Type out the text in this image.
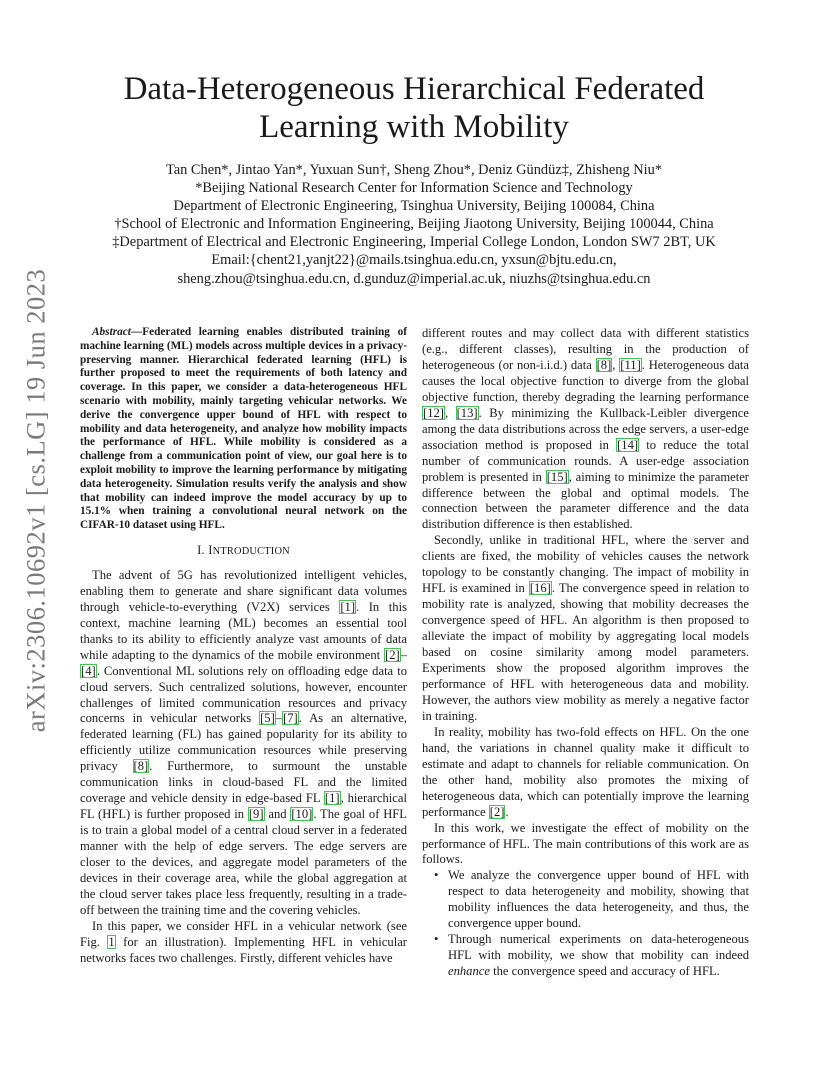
arXiv:2306.10692v1 [cs.LG] 19 Jun 2023
Data-Heterogeneous Hierarchical Federated Learning with Mobility
Tan Chen*, Jintao Yan*, Yuxuan Sun†, Sheng Zhou*, Deniz Gündüz‡, Zhisheng Niu*
*Beijing National Research Center for Information Science and Technology
Department of Electronic Engineering, Tsinghua University, Beijing 100084, China
†School of Electronic and Information Engineering, Beijing Jiaotong University, Beijing 100044, China
‡Department of Electrical and Electronic Engineering, Imperial College London, London SW7 2BT, UK
Email:{chent21,yanjt22}@mails.tsinghua.edu.cn, yxsun@bjtu.edu.cn,
sheng.zhou@tsinghua.edu.cn, d.gunduz@imperial.ac.uk, niuzhs@tsinghua.edu.cn

Abstract—Federated learning enables distributed training of machine learning (ML) models across multiple devices in a privacy-preserving manner. Hierarchical federated learning (HFL) is further proposed to meet the requirements of both latency and coverage. In this paper, we consider a data-heterogeneous HFL scenario with mobility, mainly targeting vehicular networks. We derive the convergence upper bound of HFL with respect to mobility and data heterogeneity, and analyze how mobility impacts the performance of HFL. While mobility is considered as a challenge from a communication point of view, our goal here is to exploit mobility to improve the learning performance by mitigating data heterogeneity. Simulation results verify the analysis and show that mobility can indeed improve the model accuracy by up to 15.1% when training a convolutional neural network on the CIFAR-10 dataset using HFL.

I. INTRODUCTION

The advent of 5G has revolutionized intelligent vehicles, enabling them to generate and share significant data volumes through vehicle-to-everything (V2X) services [1]. In this context, machine learning (ML) becomes an essential tool thanks to its ability to efficiently analyze vast amounts of data while adapting to the dynamics of the mobile environment [2]–[4]. Conventional ML solutions rely on offloading edge data to cloud servers. Such centralized solutions, however, encounter challenges of limited communication resources and privacy concerns in vehicular networks [5]–[7]. As an alternative, federated learning (FL) has gained popularity for its ability to efficiently utilize communication resources while preserving privacy [8]. Furthermore, to surmount the unstable communication links in cloud-based FL and the limited coverage and vehicle density in edge-based FL [1], hierarchical FL (HFL) is further proposed in [9] and [10]. The goal of HFL is to train a global model of a central cloud server in a federated manner with the help of edge servers. The edge servers are closer to the devices, and aggregate model parameters of the devices in their coverage area, while the global aggregation at the cloud server takes place less frequently, resulting in a trade-off between the training time and the covering vehicles.

In this paper, we consider HFL in a vehicular network (see Fig. 1 for an illustration). Implementing HFL in vehicular networks faces two challenges. Firstly, different vehicles have

different routes and may collect data with different statistics (e.g., different classes), resulting in the production of heterogeneous (or non-i.i.d.) data [8], [11]. Heterogeneous data causes the local objective function to diverge from the global objective function, thereby degrading the learning performance [12], [13]. By minimizing the Kullback-Leibler divergence among the data distributions across the edge servers, a user-edge association method is proposed in [14] to reduce the total number of communication rounds. A user-edge association problem is presented in [15], aiming to minimize the parameter difference between the global and optimal models. The connection between the parameter difference and the data distribution difference is then established.

Secondly, unlike in traditional HFL, where the server and clients are fixed, the mobility of vehicles causes the network topology to be constantly changing. The impact of mobility in HFL is examined in [16]. The convergence speed in relation to mobility rate is analyzed, showing that mobility decreases the convergence speed of HFL. An algorithm is then proposed to alleviate the impact of mobility by aggregating local models based on cosine similarity among model parameters. Experiments show the proposed algorithm improves the performance of HFL with heterogeneous data and mobility. However, the authors view mobility as merely a negative factor in training.

In reality, mobility has two-fold effects on HFL. On the one hand, the variations in channel quality make it difficult to estimate and adapt to channels for reliable communication. On the other hand, mobility also promotes the mixing of heterogeneous data, which can potentially improve the learning performance [2].

In this work, we investigate the effect of mobility on the performance of HFL. The main contributions of this work are as follows.

• We analyze the convergence upper bound of HFL with respect to data heterogeneity and mobility, showing that mobility influences the data heterogeneity, and thus, the convergence upper bound.
• Through numerical experiments on data-heterogeneous HFL with mobility, we show that mobility can indeed enhance the convergence speed and accuracy of HFL.
